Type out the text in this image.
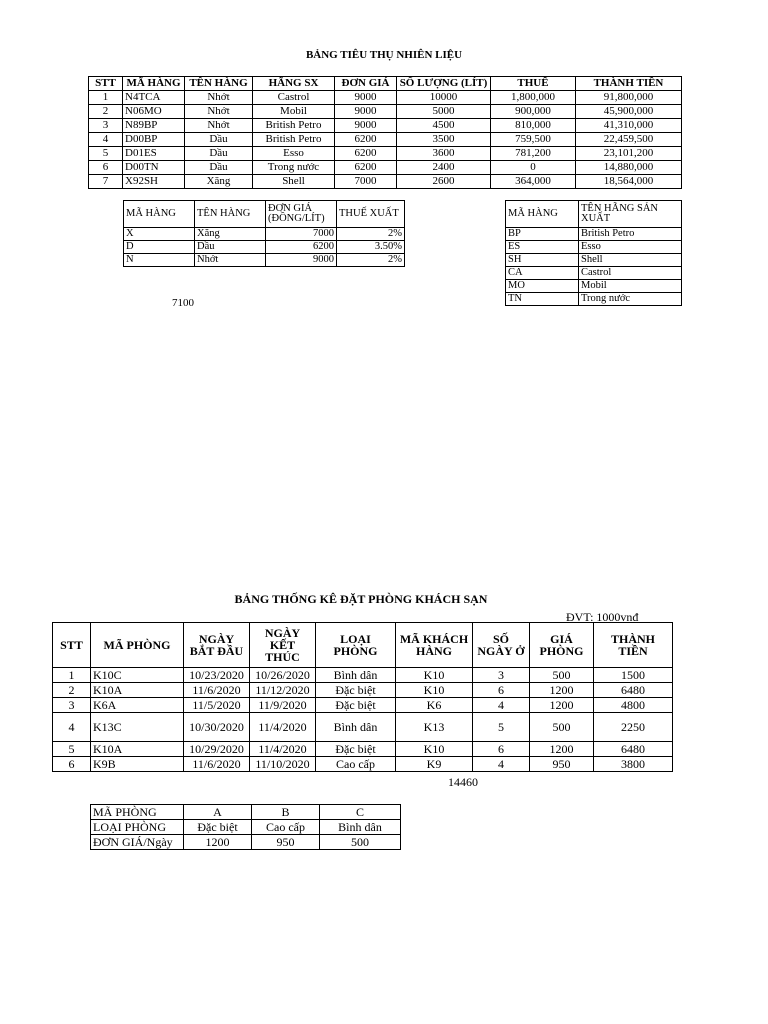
BẢNG TIÊU THỤ NHIÊN LIỆU
STT	MÃ HÀNG	TÊN HÀNG	HÃNG SX	ĐƠN GIÁ	SỐ LƯỢNG (LÍT)	THUẾ	THÀNH TIỀN
1	N4TCA	Nhớt	Castrol	9000	10000	1,800,000	91,800,000
2	N06MO	Nhớt	Mobil	9000	5000	900,000	45,900,000
3	N89BP	Nhớt	British Petro	9000	4500	810,000	41,310,000
4	D00BP	Dầu	British Petro	6200	3500	759,500	22,459,500
5	D01ES	Dầu	Esso	6200	3600	781,200	23,101,200
6	D00TN	Dầu	Trong nước	6200	2400	0	14,880,000
7	X92SH	Xăng	Shell	7000	2600	364,000	18,564,000
MÃ HÀNG	TÊN HÀNG	ĐƠN GIÁ (ĐỒNG/LÍT)	THUẾ XUẤT
X	Xăng	7000	2%
D	Dầu	6200	3.50%
N	Nhớt	9000	2%
MÃ HÀNG	TÊN HÃNG SẢN XUẤT
BP	British Petro
ES	Esso
SH	Shell
CA	Castrol
MO	Mobil
TN	Trong nước
7100
BẢNG THỐNG KÊ ĐẶT PHÒNG KHÁCH SẠN
ĐVT: 1000vnđ
STT	MÃ PHÒNG	NGÀY BẮT ĐẦU	NGÀY KẾT THÚC	LOẠI PHÒNG	MÃ KHÁCH HÀNG	SỐ NGÀY Ở	GIÁ PHÒNG	THÀNH TIỀN
1	K10C	10/23/2020	10/26/2020	Bình dân	K10	3	500	1500
2	K10A	11/6/2020	11/12/2020	Đặc biệt	K10	6	1200	6480
3	K6A	11/5/2020	11/9/2020	Đặc biệt	K6	4	1200	4800
4	K13C	10/30/2020	11/4/2020	Bình dân	K13	5	500	2250
5	K10A	10/29/2020	11/4/2020	Đặc biệt	K10	6	1200	6480
6	K9B	11/6/2020	11/10/2020	Cao cấp	K9	4	950	3800
14460
MÃ PHÒNG	A	B	C
LOẠI PHÒNG	Đặc biệt	Cao cấp	Bình dân
ĐƠN GIÁ/Ngày	1200	950	500
